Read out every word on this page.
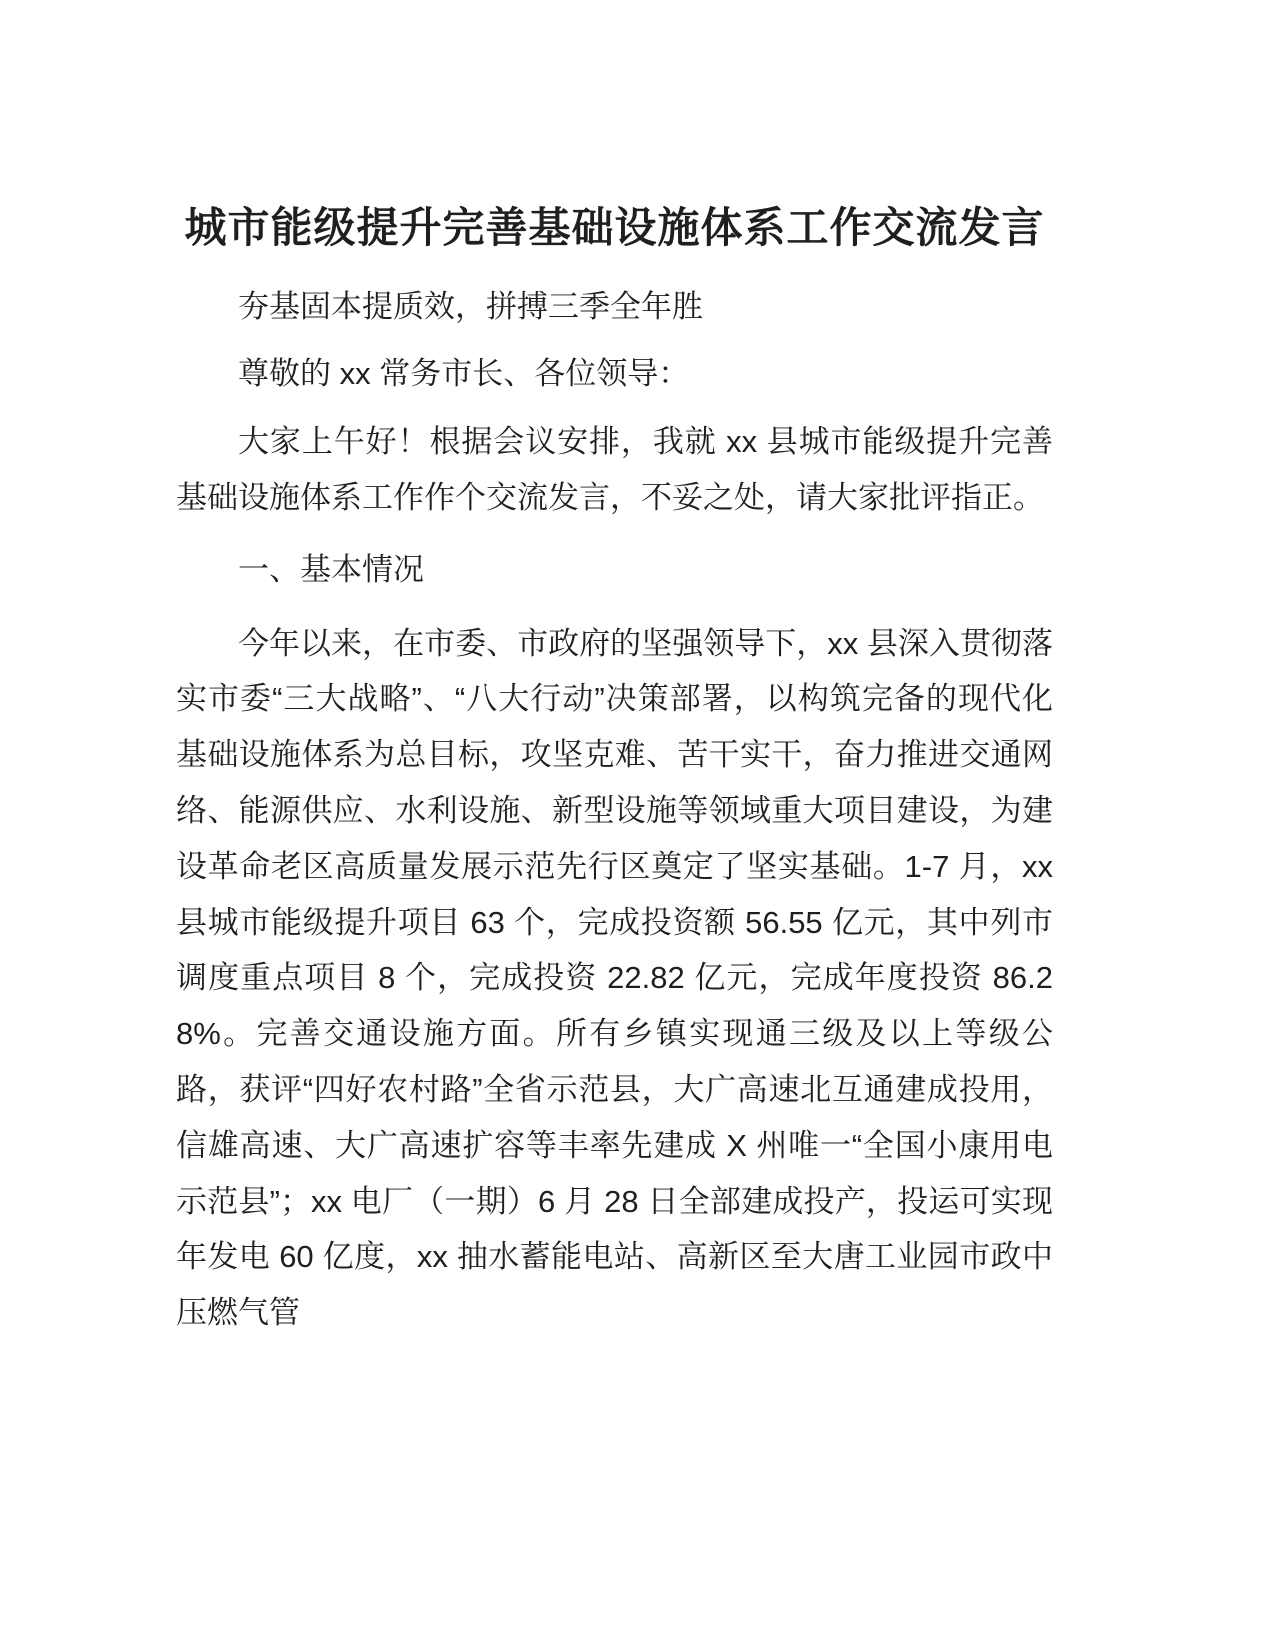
城市能级提升完善基础设施体系工作交流发言

夯基固本提质效，拼搏三季全年胜

尊敬的 xx 常务市长、各位领导：

大家上午好！根据会议安排，我就 xx 县城市能级提升完善基础设施体系工作作个交流发言，不妥之处，请大家批评指正。

一、基本情况

今年以来，在市委、市政府的坚强领导下，xx 县深入贯彻落实市委“三大战略”、“八大行动”决策部署，以构筑完备的现代化基础设施体系为总目标，攻坚克难、苦干实干，奋力推进交通网络、能源供应、水利设施、新型设施等领域重大项目建设，为建设革命老区高质量发展示范先行区奠定了坚实基础。1-7 月，xx 县城市能级提升项目 63 个，完成投资额 56.55 亿元，其中列市调度重点项目 8 个，完成投资 22.82 亿元，完成年度投资 86.28%。完善交通设施方面。所有乡镇实现通三级及以上等级公路，获评“四好农村路”全省示范县，大广高速北互通建成投用，信雄高速、大广高速扩容等丰率先建成 X 州唯一“全国小康用电示范县”；xx 电厂（一期）6 月 28 日全部建成投产，投运可实现年发电 60 亿度，xx 抽水蓄能电站、高新区至大唐工业园市政中压燃气管
